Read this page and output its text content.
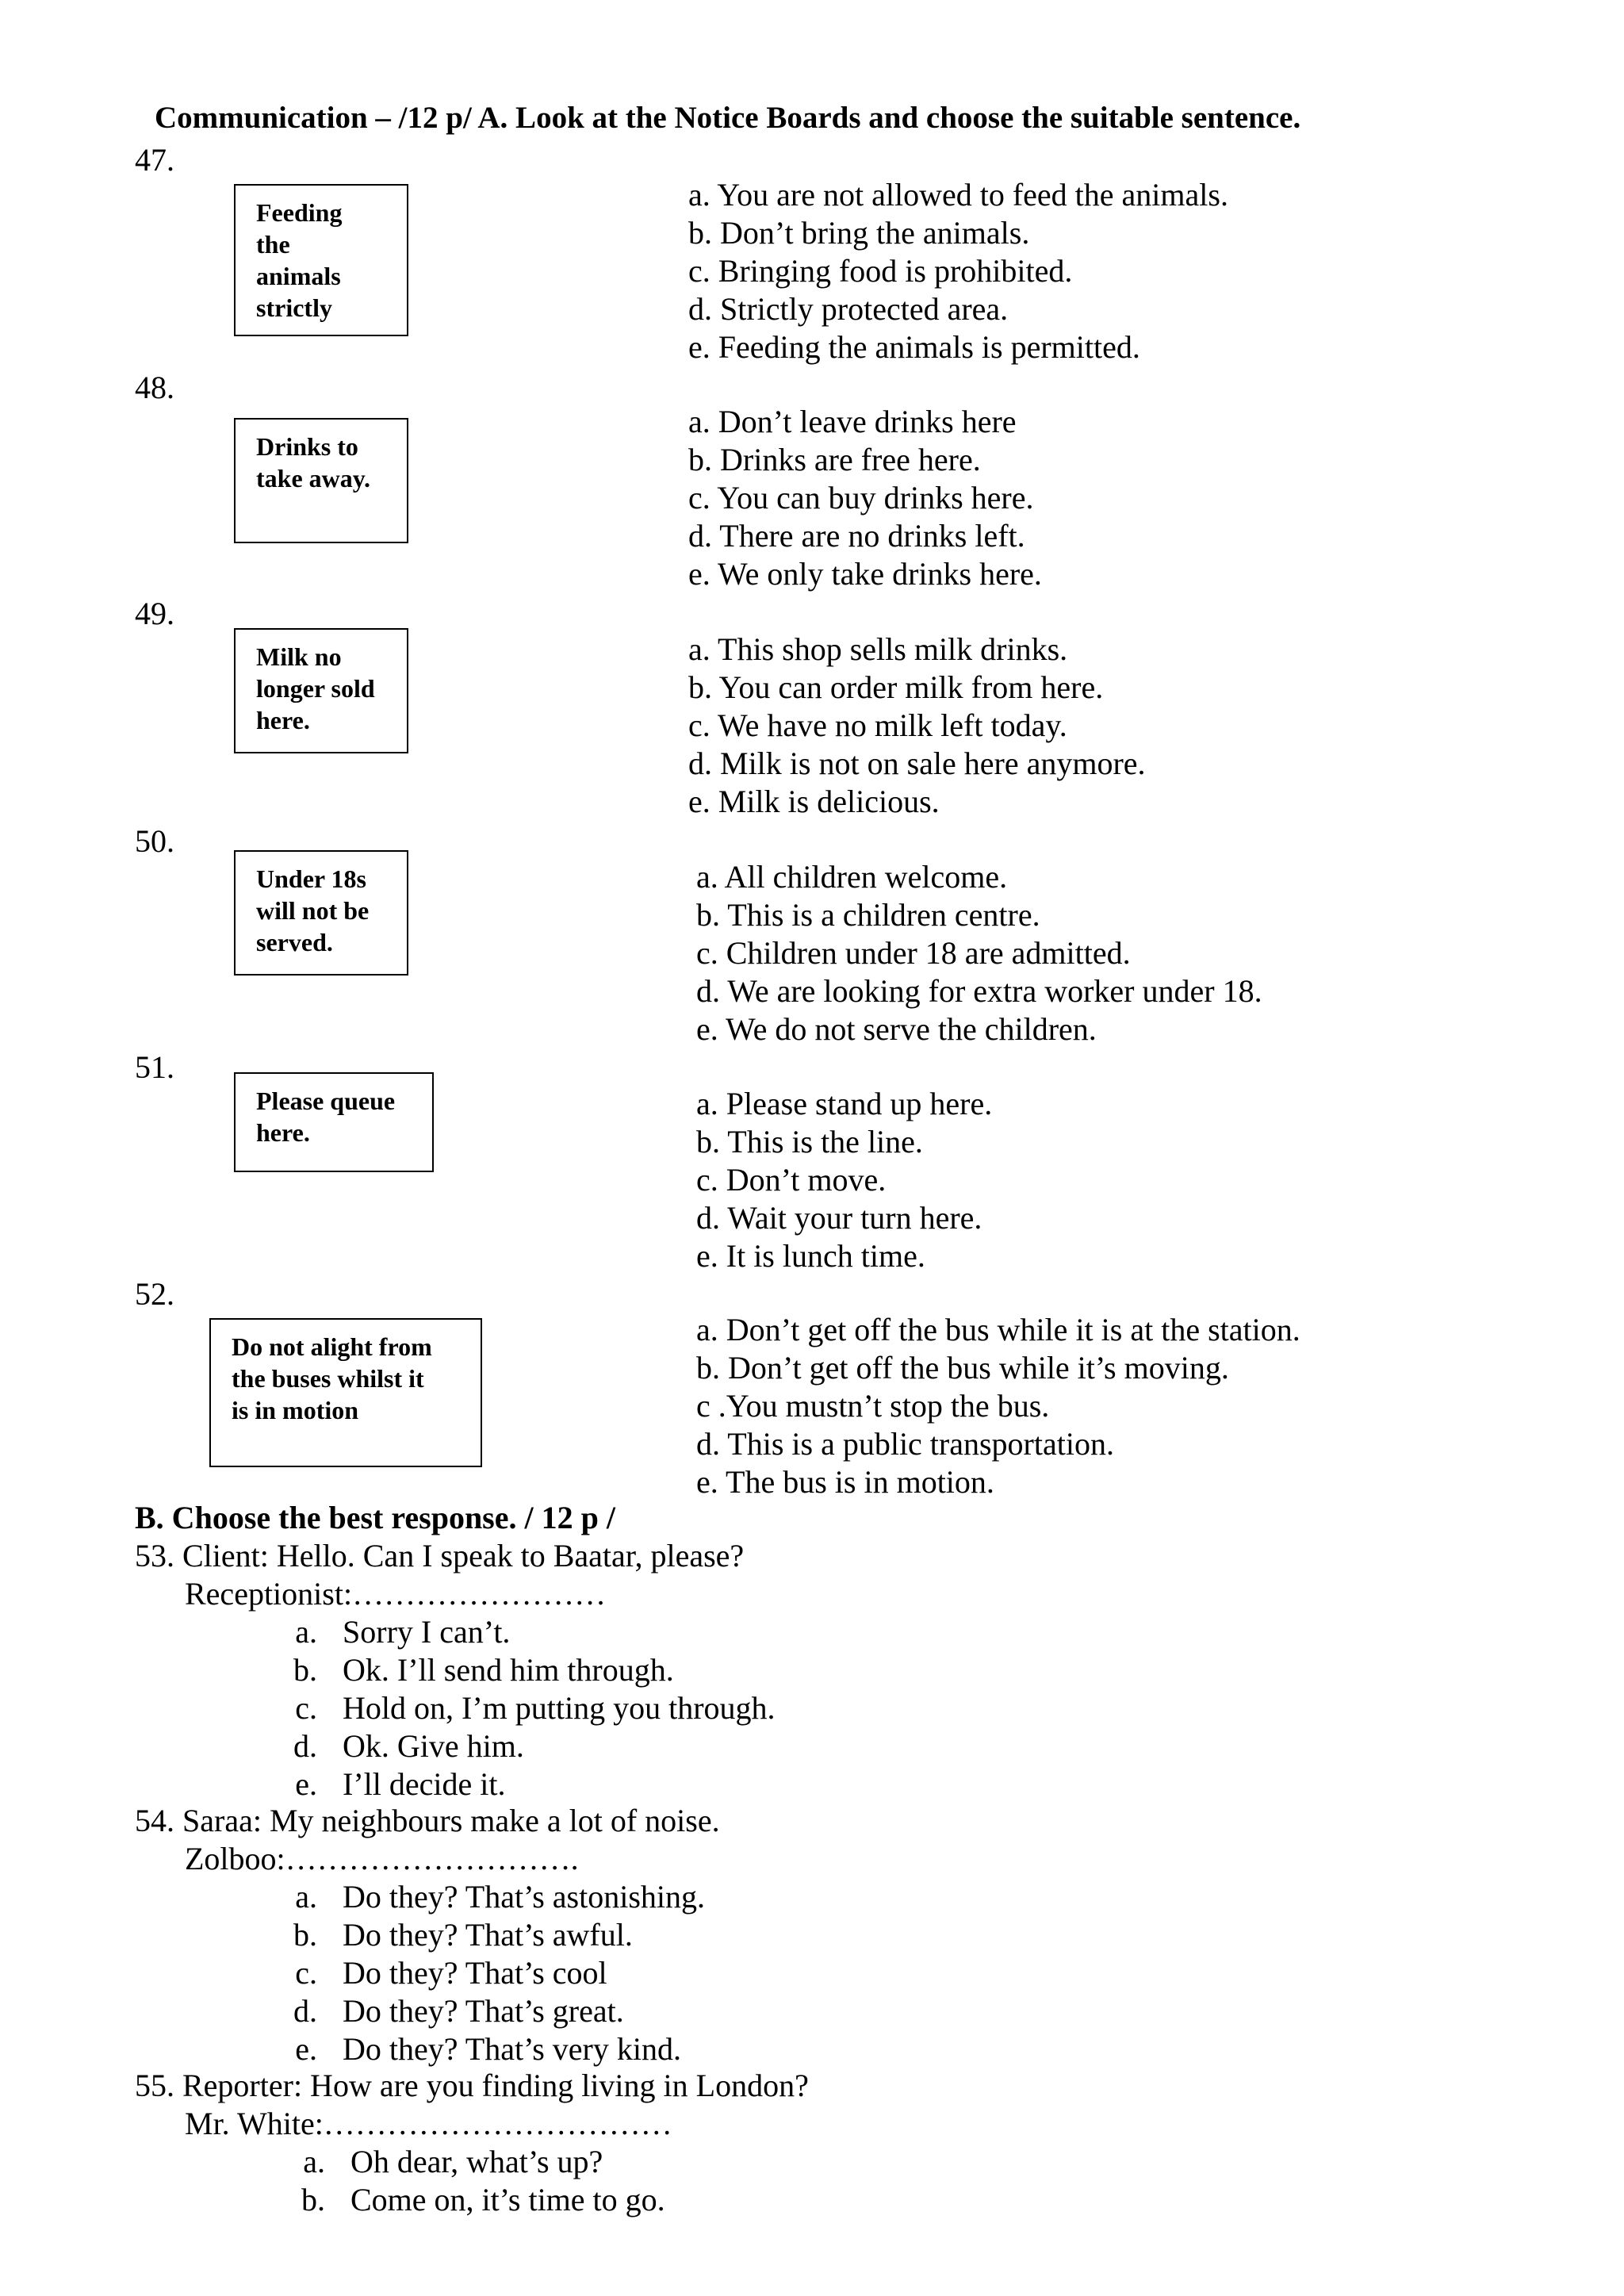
Communication – /12 p/ A. Look at the Notice Boards and choose the suitable sentence.
47.
Feeding
the
animals
strictly
a. You are not allowed to feed the animals.
b. Don’t bring the animals.
c. Bringing food is prohibited.
d. Strictly protected area.
e. Feeding the animals is permitted.
48.
Drinks to
take away.
a. Don’t leave drinks here
b. Drinks are free here.
c. You can buy drinks here.
d. There are no drinks left.
e. We only take drinks here.
49.
Milk no
longer sold
here.
a. This shop sells milk drinks.
b. You can order milk from here.
c. We have no milk left today.
d. Milk is not on sale here anymore.
e. Milk is delicious.
50.
Under 18s
will not be
served.
a. All children welcome.
b. This is a children centre.
c. Children under 18 are admitted.
d. We are looking for extra worker under 18.
e. We do not serve the children.
51.
Please queue
here.
a. Please stand up here.
b. This is the line.
c. Don’t move.
d. Wait your turn here.
e. It is lunch time.
52.
Do not alight from
the buses whilst it
is in motion
a. Don’t get off the bus while it is at the station.
b. Don’t get off the bus while it’s moving.
c .You mustn’t stop the bus.
d. This is a public transportation.
e. The bus is in motion.
B. Choose the best response. / 12 p /
53. Client: Hello. Can I speak to Baatar, please?
Receptionist:……………………
a. Sorry I can’t.
b. Ok. I’ll send him through.
c. Hold on, I’m putting you through.
d. Ok. Give him.
e. I’ll decide it.
54. Saraa: My neighbours make a lot of noise.
Zolboo:……………………….
a. Do they? That’s astonishing.
b. Do they? That’s awful.
c. Do they? That’s cool
d. Do they? That’s great.
e. Do they? That’s very kind.
55. Reporter: How are you finding living in London?
Mr. White:……………………………
a. Oh dear, what’s up?
b. Come on, it’s time to go.
